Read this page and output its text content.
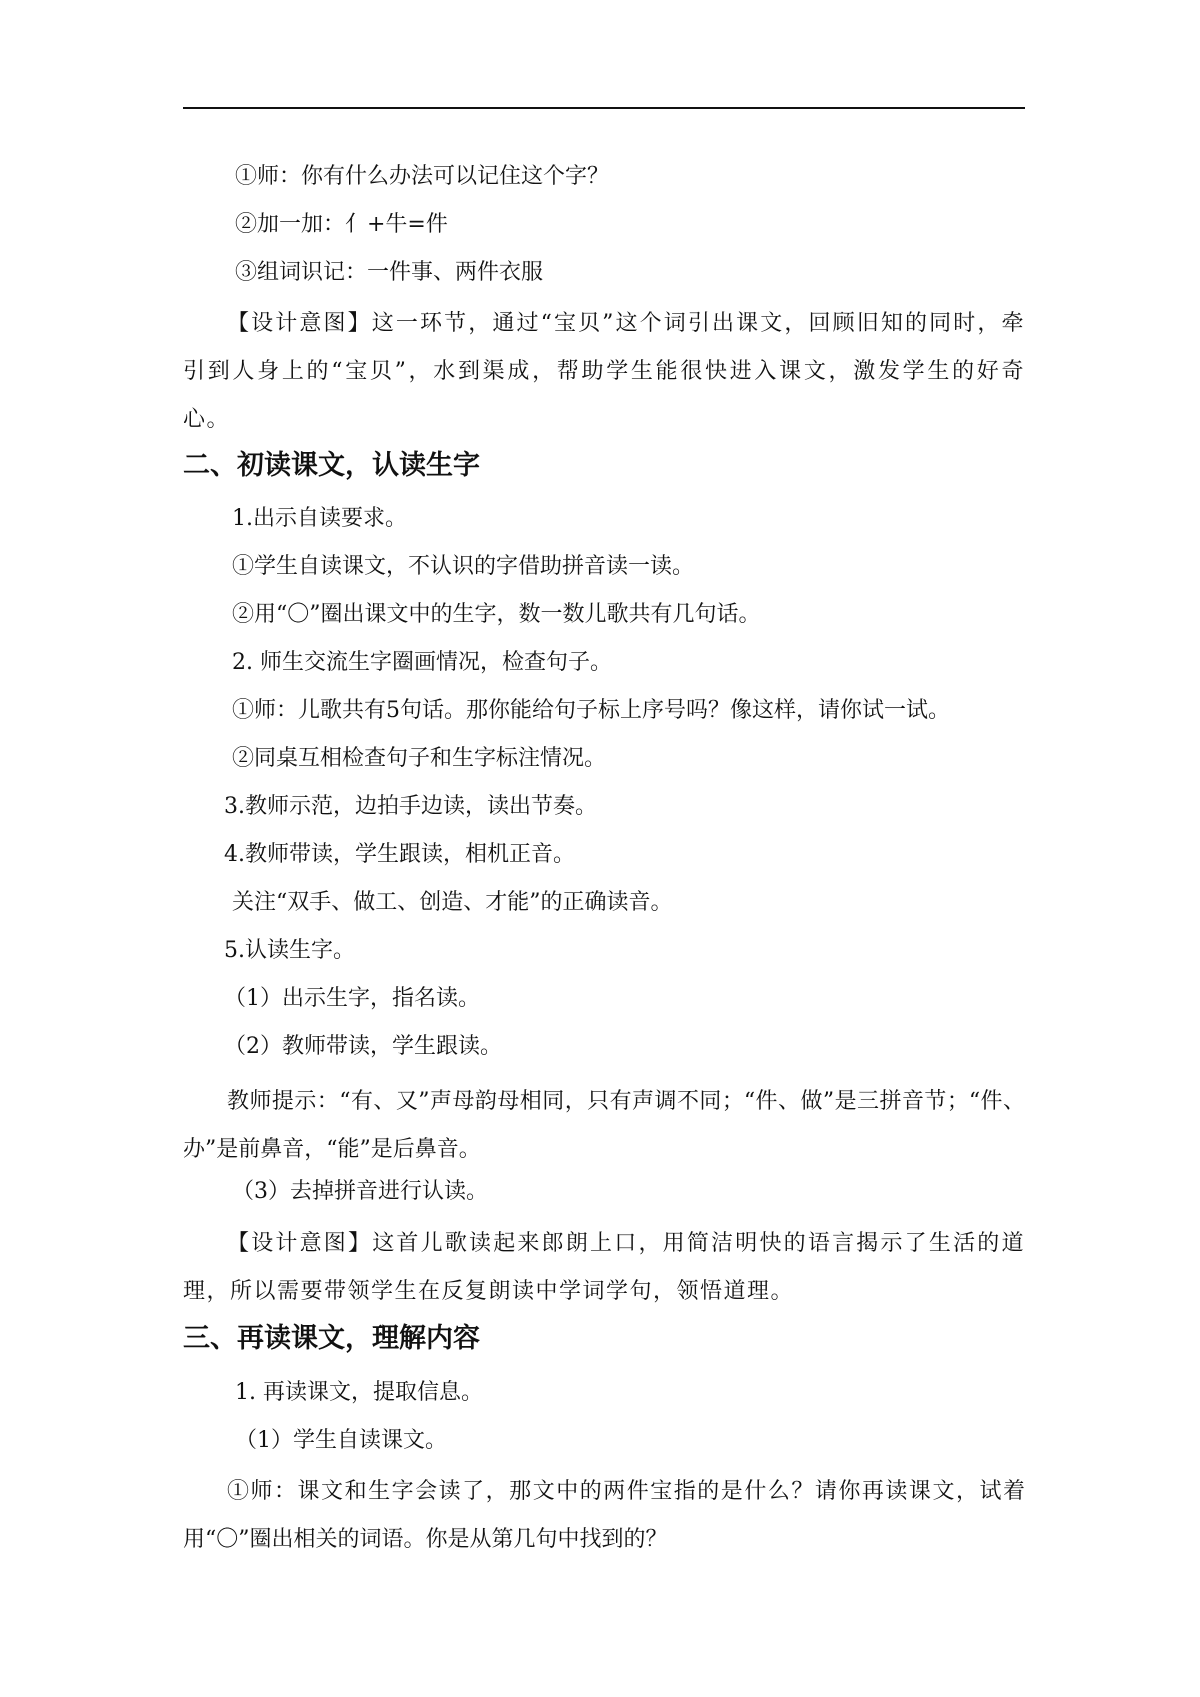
①师：你有什么办法可以记住这个字？
②加一加：亻+牛=件
③组词识记：一件事、两件衣服
【设计意图】这一环节，通过“宝贝”这个词引出课文，回顾旧知的同时，牵引到人身上的“宝贝”，水到渠成，帮助学生能很快进入课文，激发学生的好奇心。
二、初读课文，认读生字
1.出示自读要求。
①学生自读课文，不认识的字借助拼音读一读。
②用“〇”圈出课文中的生字，数一数儿歌共有几句话。
2. 师生交流生字圈画情况，检查句子。
①师：儿歌共有5句话。那你能给句子标上序号吗？像这样，请你试一试。
②同桌互相检查句子和生字标注情况。
3.教师示范，边拍手边读，读出节奏。
4.教师带读，学生跟读，相机正音。
关注“双手、做工、创造、才能”的正确读音。
5.认读生字。
（1）出示生字，指名读。
（2）教师带读，学生跟读。
教师提示：“有、又”声母韵母相同，只有声调不同；“件、做”是三拼音节；“件、办”是前鼻音，“能”是后鼻音。
（3）去掉拼音进行认读。
【设计意图】这首儿歌读起来郎朗上口，用简洁明快的语言揭示了生活的道理，所以需要带领学生在反复朗读中学词学句，领悟道理。
三、再读课文，理解内容
1. 再读课文，提取信息。
（1）学生自读课文。
①师：课文和生字会读了，那文中的两件宝指的是什么？请你再读课文，试着用“〇”圈出相关的词语。你是从第几句中找到的？
